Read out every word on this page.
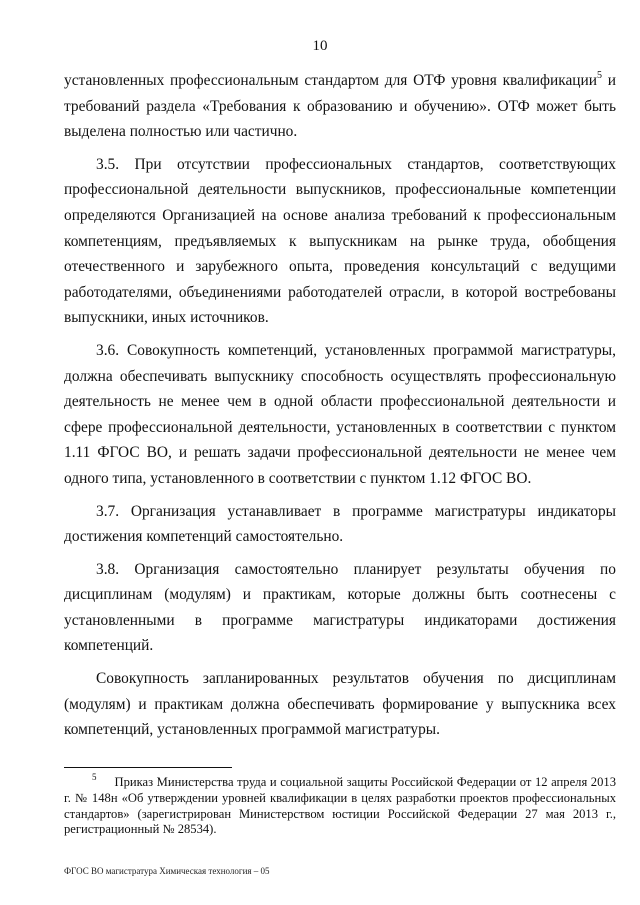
10

установленных профессиональным стандартом для ОТФ уровня квалификации$^5$ и требований раздела «Требования к образованию и обучению». ОТФ может быть выделена полностью или частично.

3.5. При отсутствии профессиональных стандартов, соответствующих профессиональной деятельности выпускников, профессиональные компетенции определяются Организацией на основе анализа требований к профессиональным компетенциям, предъявляемых к выпускникам на рынке труда, обобщения отечественного и зарубежного опыта, проведения консультаций с ведущими работодателями, объединениями работодателей отрасли, в которой востребованы выпускники, иных источников.

3.6. Совокупность компетенций, установленных программой магистратуры, должна обеспечивать выпускнику способность осуществлять профессиональную деятельность не менее чем в одной области профессиональной деятельности и сфере профессиональной деятельности, установленных в соответствии с пунктом 1.11 ФГОС ВО, и решать задачи профессиональной деятельности не менее чем одного типа, установленного в соответствии с пунктом 1.12 ФГОС ВО.

3.7. Организация устанавливает в программе магистратуры индикаторы достижения компетенций самостоятельно.

3.8. Организация самостоятельно планирует результаты обучения по дисциплинам (модулям) и практикам, которые должны быть соотнесены с установленными в программе магистратуры индикаторами достижения компетенций.

Совокупность запланированных результатов обучения по дисциплинам (модулям) и практикам должна обеспечивать формирование у выпускника всех компетенций, установленных программой магистратуры.

$^5$ Приказ Министерства труда и социальной защиты Российской Федерации от 12 апреля 2013 г. № 148н «Об утверждении уровней квалификации в целях разработки проектов профессиональных стандартов» (зарегистрирован Министерством юстиции Российской Федерации 27 мая 2013 г., регистрационный № 28534).
ФГОС ВО магистратура Химическая технология – 05
